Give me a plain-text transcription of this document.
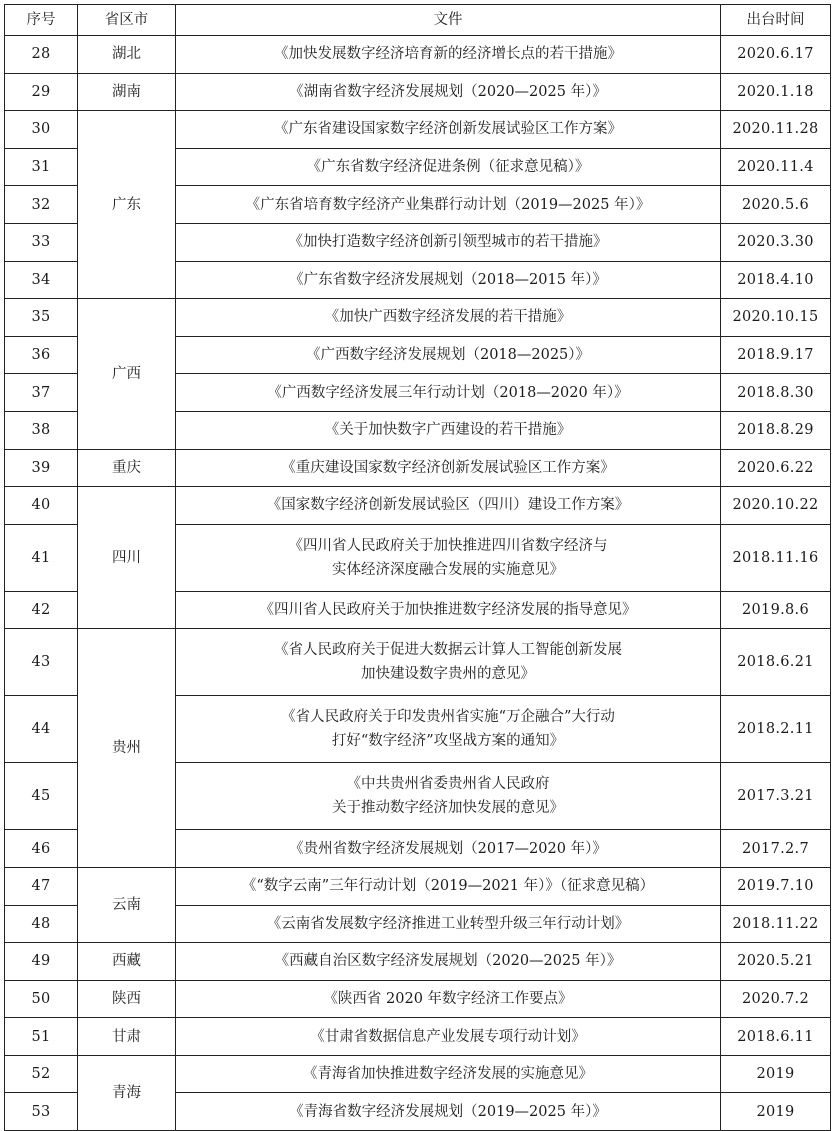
序号	省区市	文件	出台时间
28	湖北	《加快发展数字经济培育新的经济增长点的若干措施》	2020.6.17
29	湖南	《湖南省数字经济发展规划（2020—2025 年）》	2020.1.18
30	广东	《广东省建设国家数字经济创新发展试验区工作方案》	2020.11.28
31		《广东省数字经济促进条例（征求意见稿）》	2020.11.4
32		《广东省培育数字经济产业集群行动计划（2019—2025 年）》	2020.5.6
33		《加快打造数字经济创新引领型城市的若干措施》	2020.3.30
34		《广东省数字经济发展规划（2018—2015 年）》	2018.4.10
35	广西	《加快广西数字经济发展的若干措施》	2020.10.15
36		《广西数字经济发展规划（2018—2025）》	2018.9.17
37		《广西数字经济发展三年行动计划（2018—2020 年）》	2018.8.30
38		《关于加快数字广西建设的若干措施》	2018.8.29
39	重庆	《重庆建设国家数字经济创新发展试验区工作方案》	2020.6.22
40	四川	《国家数字经济创新发展试验区（四川）建设工作方案》	2020.10.22
41		《四川省人民政府关于加快推进四川省数字经济与
实体经济深度融合发展的实施意见》	2018.11.16
42		《四川省人民政府关于加快推进数字经济发展的指导意见》	2019.8.6
43	贵州	《省人民政府关于促进大数据云计算人工智能创新发展
加快建设数字贵州的意见》	2018.6.21
44		《省人民政府关于印发贵州省实施“万企融合”大行动
打好“数字经济”攻坚战方案的通知》	2018.2.11
45		《中共贵州省委贵州省人民政府
关于推动数字经济加快发展的意见》	2017.3.21
46		《贵州省数字经济发展规划（2017—2020 年）》	2017.2.7
47	云南	《“数字云南”三年行动计划（2019—2021 年）》（征求意见稿）	2019.7.10
48		《云南省发展数字经济推进工业转型升级三年行动计划》	2018.11.22
49	西藏	《西藏自治区数字经济发展规划（2020—2025 年）》	2020.5.21
50	陕西	《陕西省 2020 年数字经济工作要点》	2020.7.2
51	甘肃	《甘肃省数据信息产业发展专项行动计划》	2018.6.11
52	青海	《青海省加快推进数字经济发展的实施意见》	2019
53		《青海省数字经济发展规划（2019—2025 年）》	2019
